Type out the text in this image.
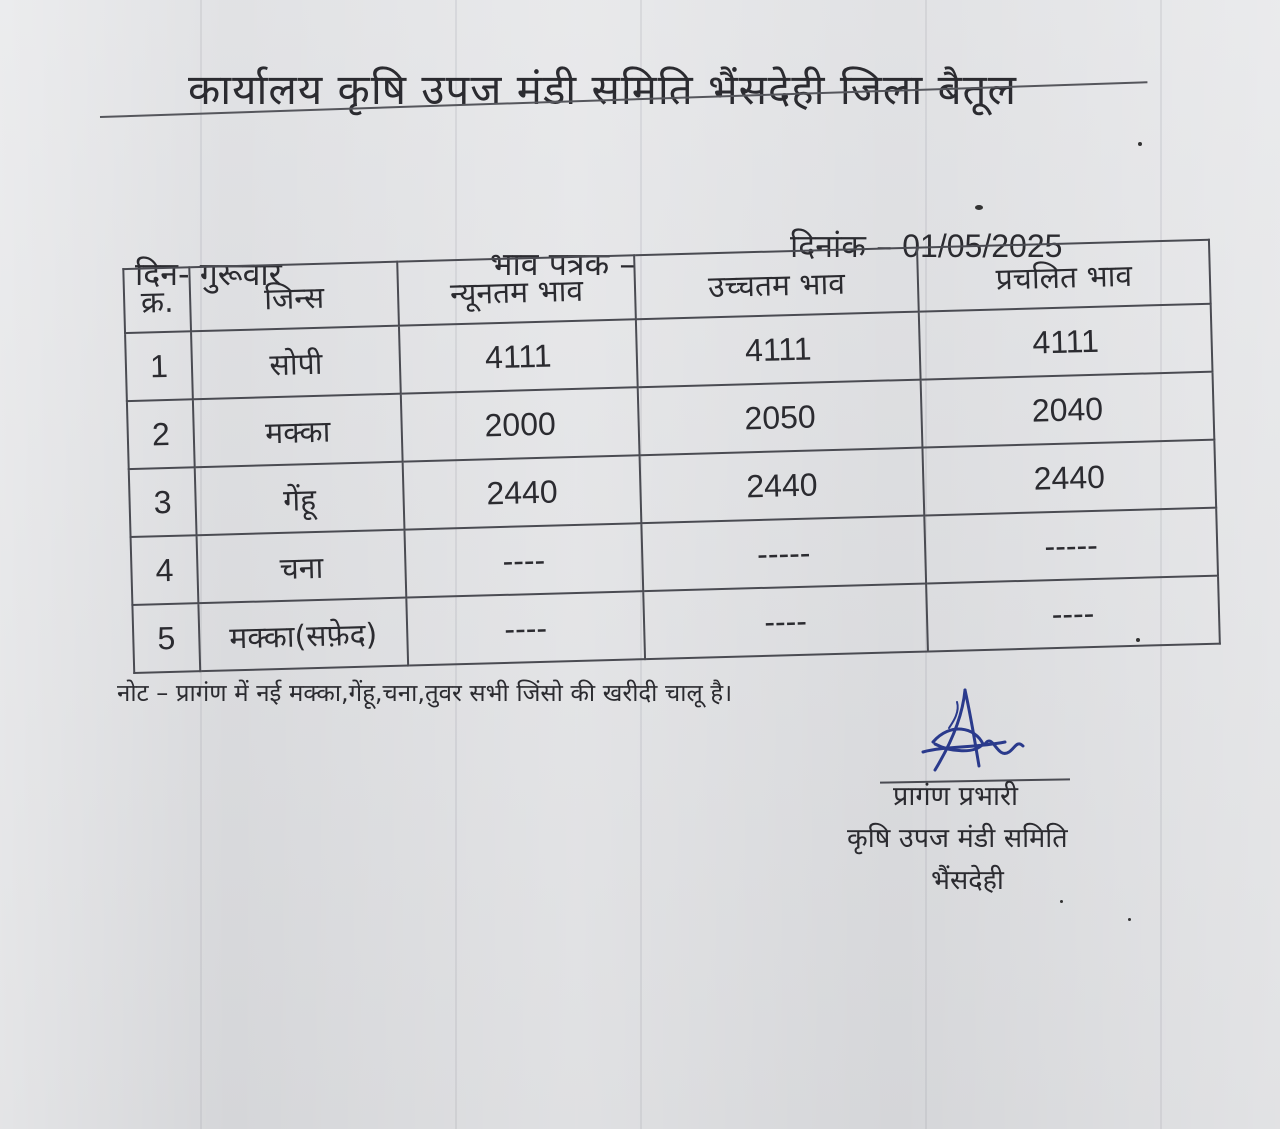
कार्यालय कृषि उपज मंडी समिति भैंसदेही जिला बैतूल
दिन- गुरूवार	भाव पत्रक –	दिनांक – 01/05/2025
क्र.	जिन्स	न्यूनतम भाव	उच्चतम भाव	प्रचलित भाव
1	सोपी	4111	4111	4111
2	मक्का	2000	2050	2040
3	गेंहू	2440	2440	2440
4	चना	----	-----	-----
5	मक्का(सफ़ेद)	----	----	----
नोट – प्रागंण में नई मक्का,गेंहू,चना,तुवर सभी जिंसो की खरीदी चालू है।
प्रागंण प्रभारी
कृषि उपज मंडी समिति
भैंसदेही
